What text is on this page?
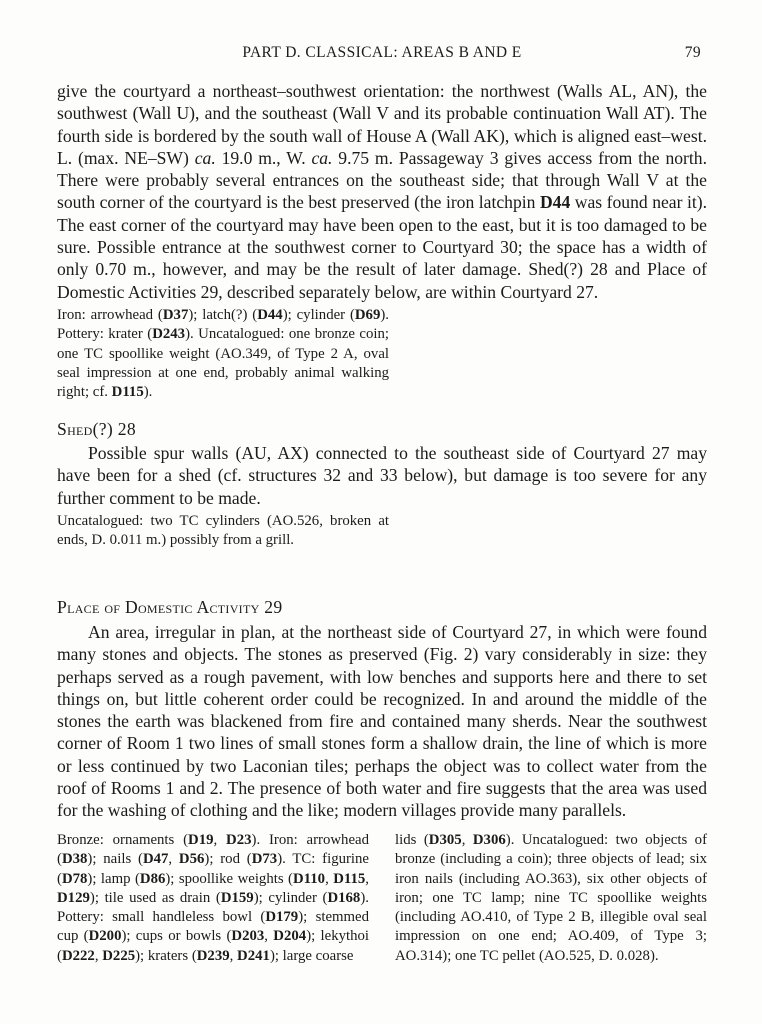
PART D. CLASSICAL: AREAS B AND E	79

give the courtyard a northeast–southwest orientation: the northwest (Walls AL, AN), the southwest (Wall U), and the southeast (Wall V and its probable continuation Wall AT). The fourth side is bordered by the south wall of House A (Wall AK), which is aligned east–west. L. (max. NE–SW) ca. 19.0 m., W. ca. 9.75 m. Passageway 3 gives access from the north. There were probably several entrances on the southeast side; that through Wall V at the south corner of the courtyard is the best preserved (the iron latchpin D44 was found near it). The east corner of the courtyard may have been open to the east, but it is too damaged to be sure. Possible entrance at the southwest corner to Courtyard 30; the space has a width of only 0.70 m., however, and may be the result of later damage. Shed(?) 28 and Place of Domestic Activities 29, described separately below, are within Courtyard 27.

Iron: arrowhead (D37); latch(?) (D44); cylinder (D69). Pottery: krater (D243). Uncatalogued: one bronze coin; one TC spoollike weight (AO.349, of Type 2 A, oval seal impression at one end, probably animal walking right; cf. D115).

Shed(?) 28

Possible spur walls (AU, AX) connected to the southeast side of Courtyard 27 may have been for a shed (cf. structures 32 and 33 below), but damage is too severe for any further comment to be made.

Uncatalogued: two TC cylinders (AO.526, broken at ends, D. 0.011 m.) possibly from a grill.

Place of Domestic Activity 29

An area, irregular in plan, at the northeast side of Courtyard 27, in which were found many stones and objects. The stones as preserved (Fig. 2) vary considerably in size: they perhaps served as a rough pavement, with low benches and supports here and there to set things on, but little coherent order could be recognized. In and around the middle of the stones the earth was blackened from fire and contained many sherds. Near the southwest corner of Room 1 two lines of small stones form a shallow drain, the line of which is more or less continued by two Laconian tiles; perhaps the object was to collect water from the roof of Rooms 1 and 2. The presence of both water and fire suggests that the area was used for the washing of clothing and the like; modern villages provide many parallels.

Bronze: ornaments (D19, D23). Iron: arrowhead (D38); nails (D47, D56); rod (D73). TC: figurine (D78); lamp (D86); spoollike weights (D110, D115, D129); tile used as drain (D159); cylinder (D168). Pottery: small handleless bowl (D179); stemmed cup (D200); cups or bowls (D203, D204); lekythoi (D222, D225); kraters (D239, D241); large coarse

lids (D305, D306). Uncatalogued: two objects of bronze (including a coin); three objects of lead; six iron nails (including AO.363), six other objects of iron; one TC lamp; nine TC spoollike weights (including AO.410, of Type 2 B, illegible oval seal impression on one end; AO.409, of Type 3; AO.314); one TC pellet (AO.525, D. 0.028).
